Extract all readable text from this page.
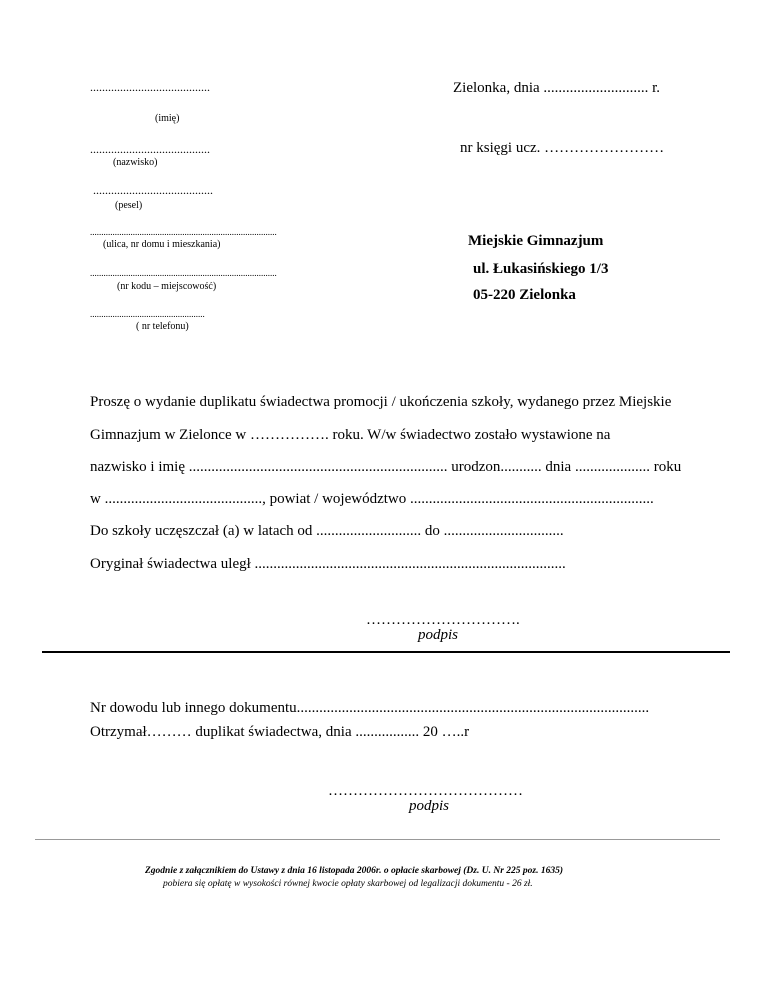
........................................
(imię)
........................................
(nazwisko)
........................................
(pesel)
...................................................................................
(ulica, nr domu i mieszkania)
...................................................................................
(nr kodu – miejscowość)
...................................................
( nr telefonu)
Zielonka, dnia ............................ r.
nr księgi ucz. ……………………
Miejskie Gimnazjum
ul. Łukasińskiego 1/3
05-220 Zielonka
Proszę o wydanie duplikatu świadectwa promocji / ukończenia szkoły, wydanego przez Miejskie
Gimnazjum w Zielonce w ……………. roku. W/w świadectwo zostało wystawione na
nazwisko i imię ..................................................................... urodzon........... dnia .................... roku
w .........................................., powiat / województwo .................................................................
Do szkoły uczęszczał (a) w latach od ............................ do ................................
Oryginał świadectwa uległ ...................................................................................
………………………….
podpis
Nr dowodu lub innego dokumentu..............................................................................................
Otrzymał……… duplikat świadectwa, dnia ................. 20 …..r
…………………………………
podpis
Zgodnie z załącznikiem do Ustawy z dnia 16 listopada 2006r. o opłacie skarbowej (Dz. U. Nr 225 poz. 1635)
pobiera się opłatę w wysokości równej kwocie opłaty skarbowej od legalizacji dokumentu - 26 zł.
